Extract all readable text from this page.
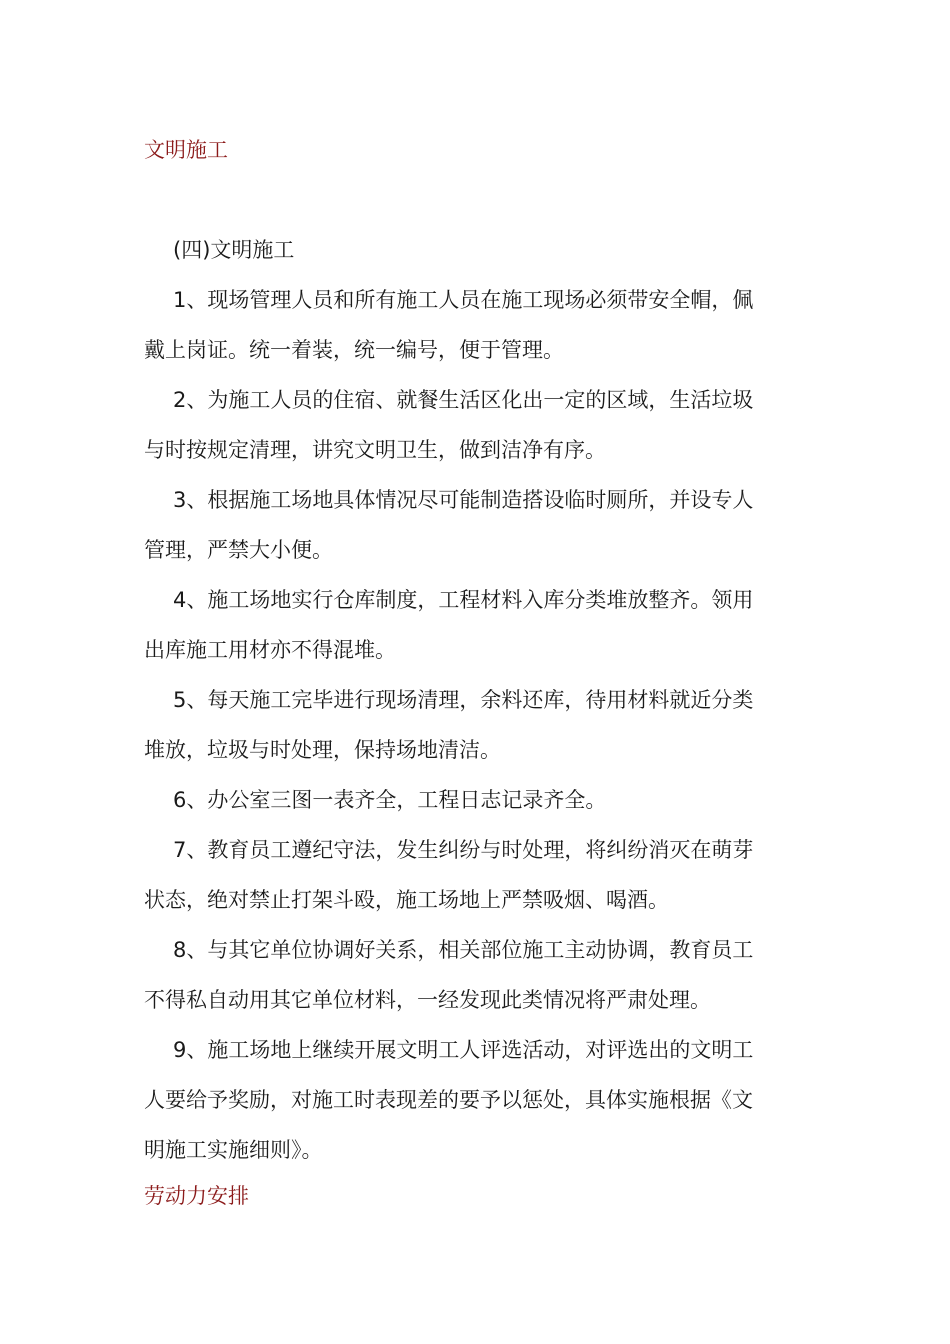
文明施工
(四)文明施工
1、现场管理人员和所有施工人员在施工现场必须带安全帽，佩
戴上岗证。统一着装，统一编号，便于管理。
2、为施工人员的住宿、就餐生活区化出一定的区域，生活垃圾
与时按规定清理，讲究文明卫生，做到洁净有序。
3、根据施工场地具体情况尽可能制造搭设临时厕所，并设专人
管理，严禁大小便。
4、施工场地实行仓库制度，工程材料入库分类堆放整齐。领用
出库施工用材亦不得混堆。
5、每天施工完毕进行现场清理，余料还库，待用材料就近分类
堆放，垃圾与时处理，保持场地清洁。
6、办公室三图一表齐全，工程日志记录齐全。
7、教育员工遵纪守法，发生纠纷与时处理，将纠纷消灭在萌芽
状态，绝对禁止打架斗殴，施工场地上严禁吸烟、喝酒。
8、与其它单位协调好关系，相关部位施工主动协调，教育员工
不得私自动用其它单位材料，一经发现此类情况将严肃处理。
9、施工场地上继续开展文明工人评选活动，对评选出的文明工
人要给予奖励，对施工时表现差的要予以惩处，具体实施根据《文
明施工实施细则》。
劳动力安排
